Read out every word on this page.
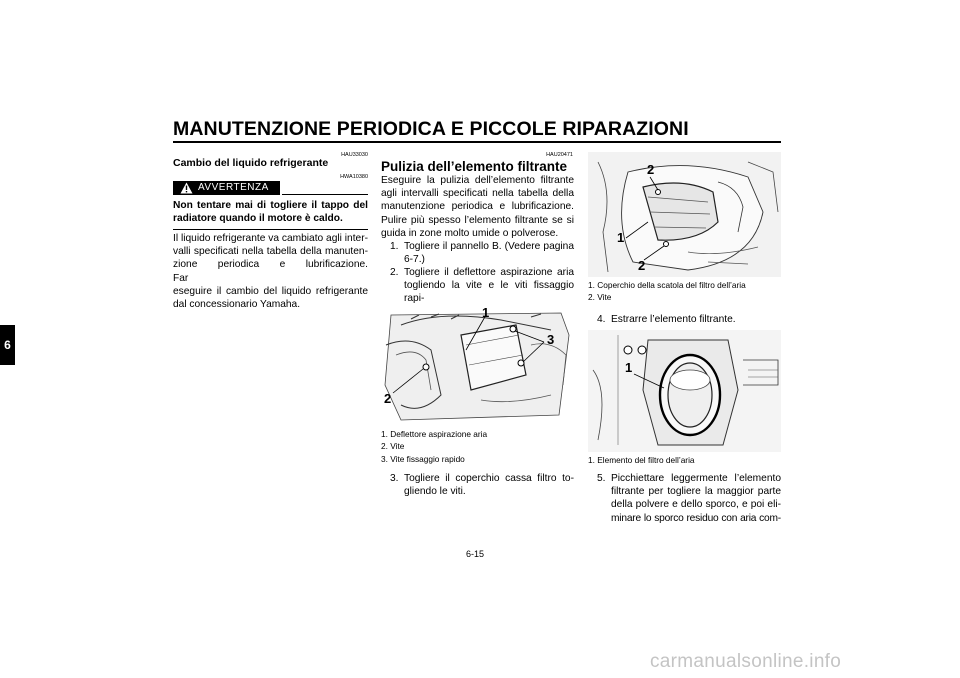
MANUTENZIONE PERIODICA E PICCOLE RIPARAZIONI
6
HAU33030
Cambio del liquido refrigerante
AVVERTENZA
HWA10380
Non tentare mai di togliere il tappo del
radiatore quando il motore è caldo.
Il liquido refrigerante va cambiato agli inter-
valli specificati nella tabella della manuten-
zione periodica e lubrificazione. Far
eseguire il cambio del liquido refrigerante
dal concessionario Yamaha.
HAU20471
Pulizia dell’elemento filtrante
Eseguire la pulizia dell’elemento filtrante
agli intervalli specificati nella tabella della
manutenzione periodica e lubrificazione.
Pulire più spesso l’elemento filtrante se si
guida in zone molto umide o polverose.
1. Togliere il pannello B. (Vedere pagina
6-7.)
2. Togliere il deflettore aspirazione aria
togliendo la vite e le viti fissaggio rapi-
1
2
3
1. Deflettore aspirazione aria
2. Vite
3. Vite fissaggio rapido
3. Togliere il coperchio cassa filtro to-
gliendo le viti.
2
1
2
1. Coperchio della scatola del filtro dell’aria
2. Vite
4. Estrarre l’elemento filtrante.
1
1. Elemento del filtro dell’aria
5. Picchiettare leggermente l’elemento
filtrante per togliere la maggior parte
della polvere e dello sporco, e poi eli-
minare lo sporco residuo con aria com-
6-15
carmanualsonline.info
